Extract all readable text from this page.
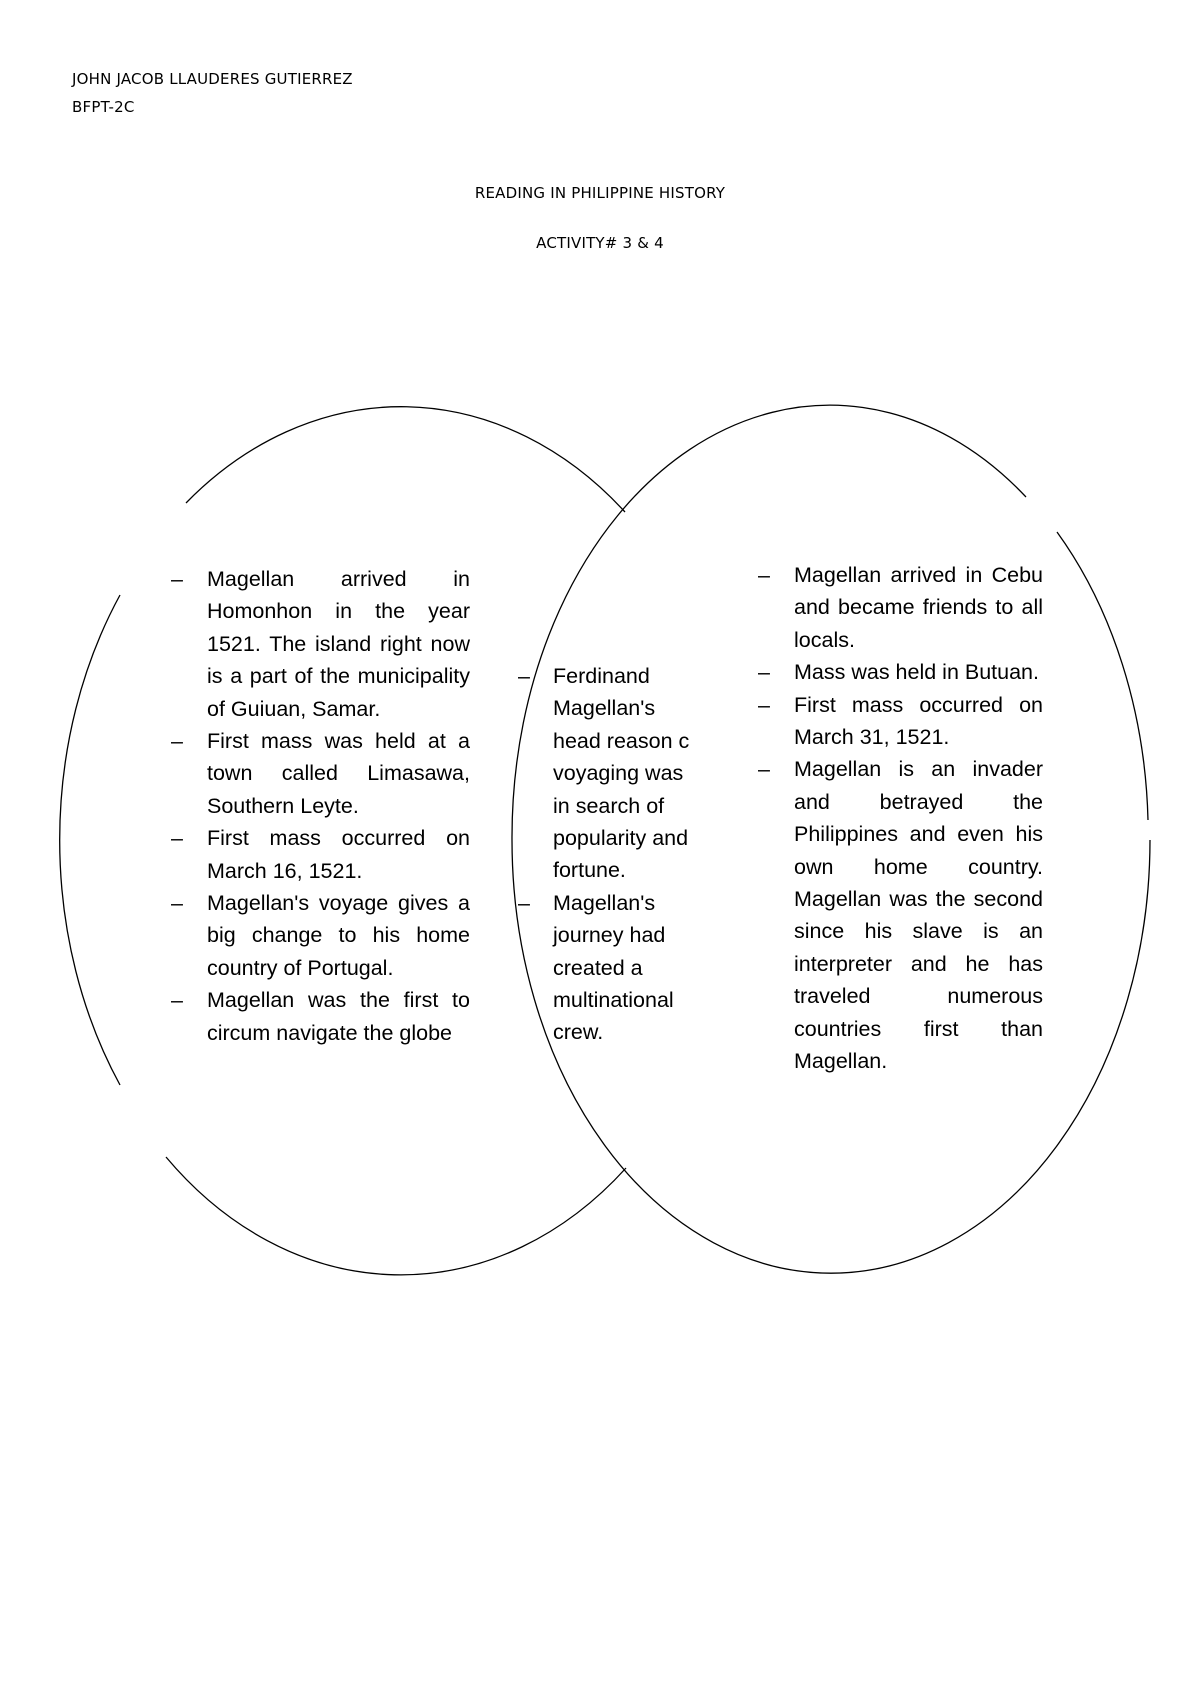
JOHN JACOB LLAUDERES GUTIERREZ
BFPT-2C
READING IN PHILIPPINE HISTORY
ACTIVITY# 3 & 4
– Magellan arrived in Homonhon in the year 1521. The island right now is a part of the municipality of Guiuan, Samar.
– First mass was held at a town called Limasawa, Southern Leyte.
– First mass occurred on March 16, 1521.
– Magellan's voyage gives a big change to his home country of Portugal.
– Magellan was the first to circum navigate the globe
– Ferdinand
Magellan's
head reason c
voyaging was
in search of
popularity and
fortune.
– Magellan's
journey had
created a
multinational
crew.
– Magellan arrived in Cebu and became friends to all locals.
– Mass was held in Butuan.
– First mass occurred on March 31, 1521.
– Magellan is an invader and betrayed the Philippines and even his own home country. Magellan was the second since his slave is an interpreter and he has traveled numerous countries first than Magellan.
